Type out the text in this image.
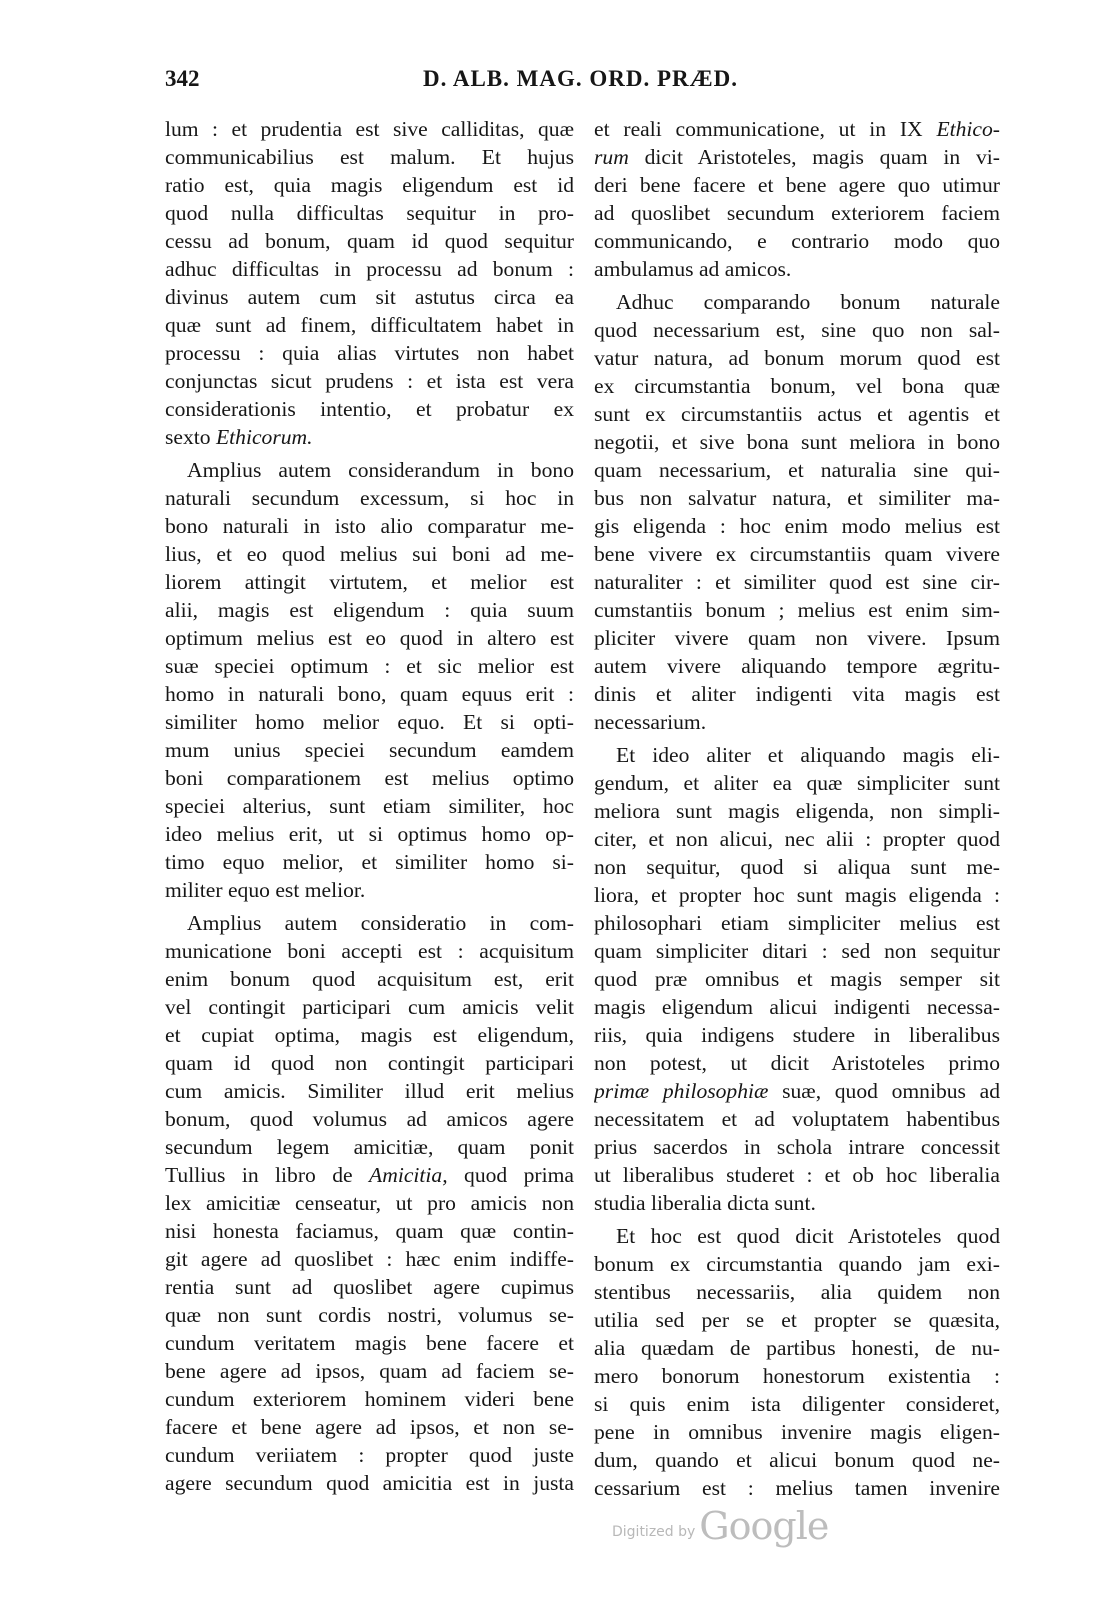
342	D. ALB. MAG. ORD. PRÆD.
lum : et prudentia est sive calliditas, quæ
communicabilius est malum. Et hujus
ratio est, quia magis eligendum est id
quod nulla difficultas sequitur in pro-
cessu ad bonum, quam id quod sequitur
adhuc difficultas in processu ad bonum :
divinus autem cum sit astutus circa ea
quæ sunt ad finem, difficultatem habet in
processu : quia alias virtutes non habet
conjunctas sicut prudens : et ista est vera
considerationis intentio, et probatur ex
sexto Ethicorum.
Amplius autem considerandum in bono
naturali secundum excessum, si hoc in
bono naturali in isto alio comparatur me-
lius, et eo quod melius sui boni ad me-
liorem attingit virtutem, et melior est
alii, magis est eligendum : quia suum
optimum melius est eo quod in altero est
suæ speciei optimum : et sic melior est
homo in naturali bono, quam equus erit :
similiter homo melior equo. Et si opti-
mum unius speciei secundum eamdem
boni comparationem est melius optimo
speciei alterius, sunt etiam similiter, hoc
ideo melius erit, ut si optimus homo op-
timo equo melior, et similiter homo si-
militer equo est melior.
Amplius autem consideratio in com-
municatione boni accepti est : acquisitum
enim bonum quod acquisitum est, erit
vel contingit participari cum amicis velit
et cupiat optima, magis est eligendum,
quam id quod non contingit participari
cum amicis. Similiter illud erit melius
bonum, quod volumus ad amicos agere
secundum legem amicitiæ, quam ponit
Tullius in libro de Amicitia, quod prima
lex amicitiæ censeatur, ut pro amicis non
nisi honesta faciamus, quam quæ contin-
git agere ad quoslibet : hæc enim indiffe-
rentia sunt ad quoslibet agere cupimus
quæ non sunt cordis nostri, volumus se-
cundum veritatem magis bene facere et
bene agere ad ipsos, quam ad faciem se-
cundum exteriorem hominem videri bene
facere et bene agere ad ipsos, et non se-
cundum veriiatem : propter quod juste
agere secundum quod amicitia est in justa
et reali communicatione, ut in IX Ethico-
rum dicit Aristoteles, magis quam in vi-
deri bene facere et bene agere quo utimur
ad quoslibet secundum exteriorem faciem
communicando, e contrario modo quo
ambulamus ad amicos.
Adhuc comparando bonum naturale
quod necessarium est, sine quo non sal-
vatur natura, ad bonum morum quod est
ex circumstantia bonum, vel bona quæ
sunt ex circumstantiis actus et agentis et
negotii, et sive bona sunt meliora in bono
quam necessarium, et naturalia sine qui-
bus non salvatur natura, et similiter ma-
gis eligenda : hoc enim modo melius est
bene vivere ex circumstantiis quam vivere
naturaliter : et similiter quod est sine cir-
cumstantiis bonum ; melius est enim sim-
pliciter vivere quam non vivere. Ipsum
autem vivere aliquando tempore ægritu-
dinis et aliter indigenti vita magis est
necessarium.
Et ideo aliter et aliquando magis eli-
gendum, et aliter ea quæ simpliciter sunt
meliora sunt magis eligenda, non simpli-
citer, et non alicui, nec alii : propter quod
non sequitur, quod si aliqua sunt me-
liora, et propter hoc sunt magis eligenda :
philosophari etiam simpliciter melius est
quam simpliciter ditari : sed non sequitur
quod præ omnibus et magis semper sit
magis eligendum alicui indigenti necessa-
riis, quia indigens studere in liberalibus
non potest, ut dicit Aristoteles primo
primæ philosophiæ suæ, quod omnibus ad
necessitatem et ad voluptatem habentibus
prius sacerdos in schola intrare concessit
ut liberalibus studeret : et ob hoc liberalia
studia liberalia dicta sunt.
Et hoc est quod dicit Aristoteles quod
bonum ex circumstantia quando jam exi-
stentibus necessariis, alia quidem non
utilia sed per se et propter se quæsita,
alia quædam de partibus honesti, de nu-
mero bonorum honestorum existentia :
si quis enim ista diligenter consideret,
pene in omnibus invenire magis eligen-
dum, quando et alicui bonum quod ne-
cessarium est : melius tamen invenire
Digitized by Google
